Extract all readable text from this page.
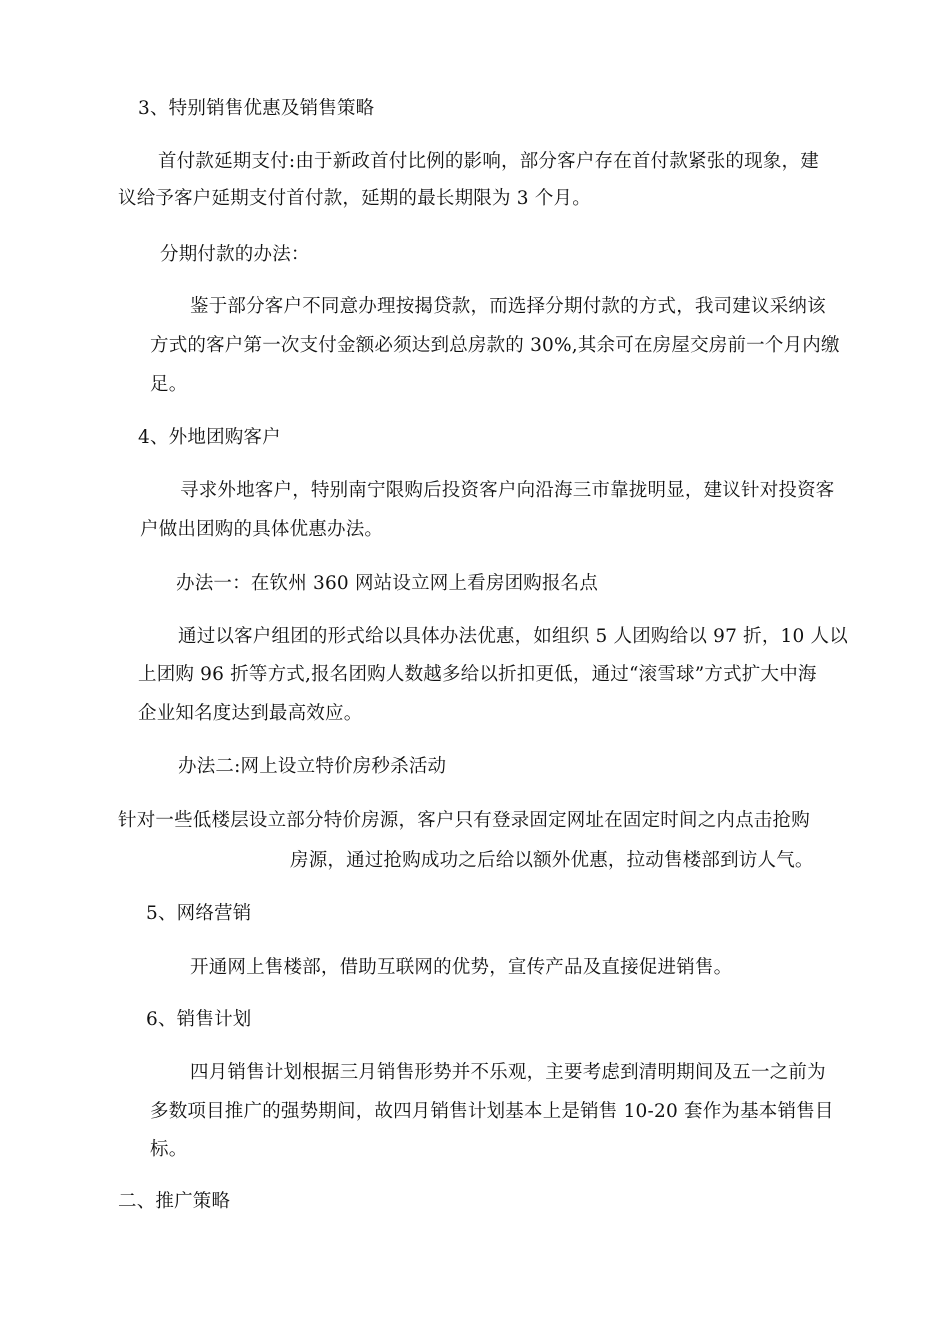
3、特别销售优惠及销售策略
首付款延期支付:由于新政首付比例的影响，部分客户存在首付款紧张的现象，建
议给予客户延期支付首付款，延期的最长期限为 3 个月。
分期付款的办法：
鉴于部分客户不同意办理按揭贷款，而选择分期付款的方式，我司建议采纳该
方式的客户第一次支付金额必须达到总房款的 30%,其余可在房屋交房前一个月内缴
足。
4、外地团购客户
寻求外地客户，特别南宁限购后投资客户向沿海三市靠拢明显，建议针对投资客
户做出团购的具体优惠办法。
办法一：在钦州 360 网站设立网上看房团购报名点
通过以客户组团的形式给以具体办法优惠，如组织 5 人团购给以 97 折，10 人以
上团购 96 折等方式,报名团购人数越多给以折扣更低，通过“滚雪球”方式扩大中海
企业知名度达到最高效应。
办法二:网上设立特价房秒杀活动
针对一些低楼层设立部分特价房源，客户只有登录固定网址在固定时间之内点击抢购
房源，通过抢购成功之后给以额外优惠，拉动售楼部到访人气。
5、网络营销
开通网上售楼部，借助互联网的优势，宣传产品及直接促进销售。
6、销售计划
四月销售计划根据三月销售形势并不乐观，主要考虑到清明期间及五一之前为
多数项目推广的强势期间，故四月销售计划基本上是销售 10-20 套作为基本销售目
标。
二、推广策略
